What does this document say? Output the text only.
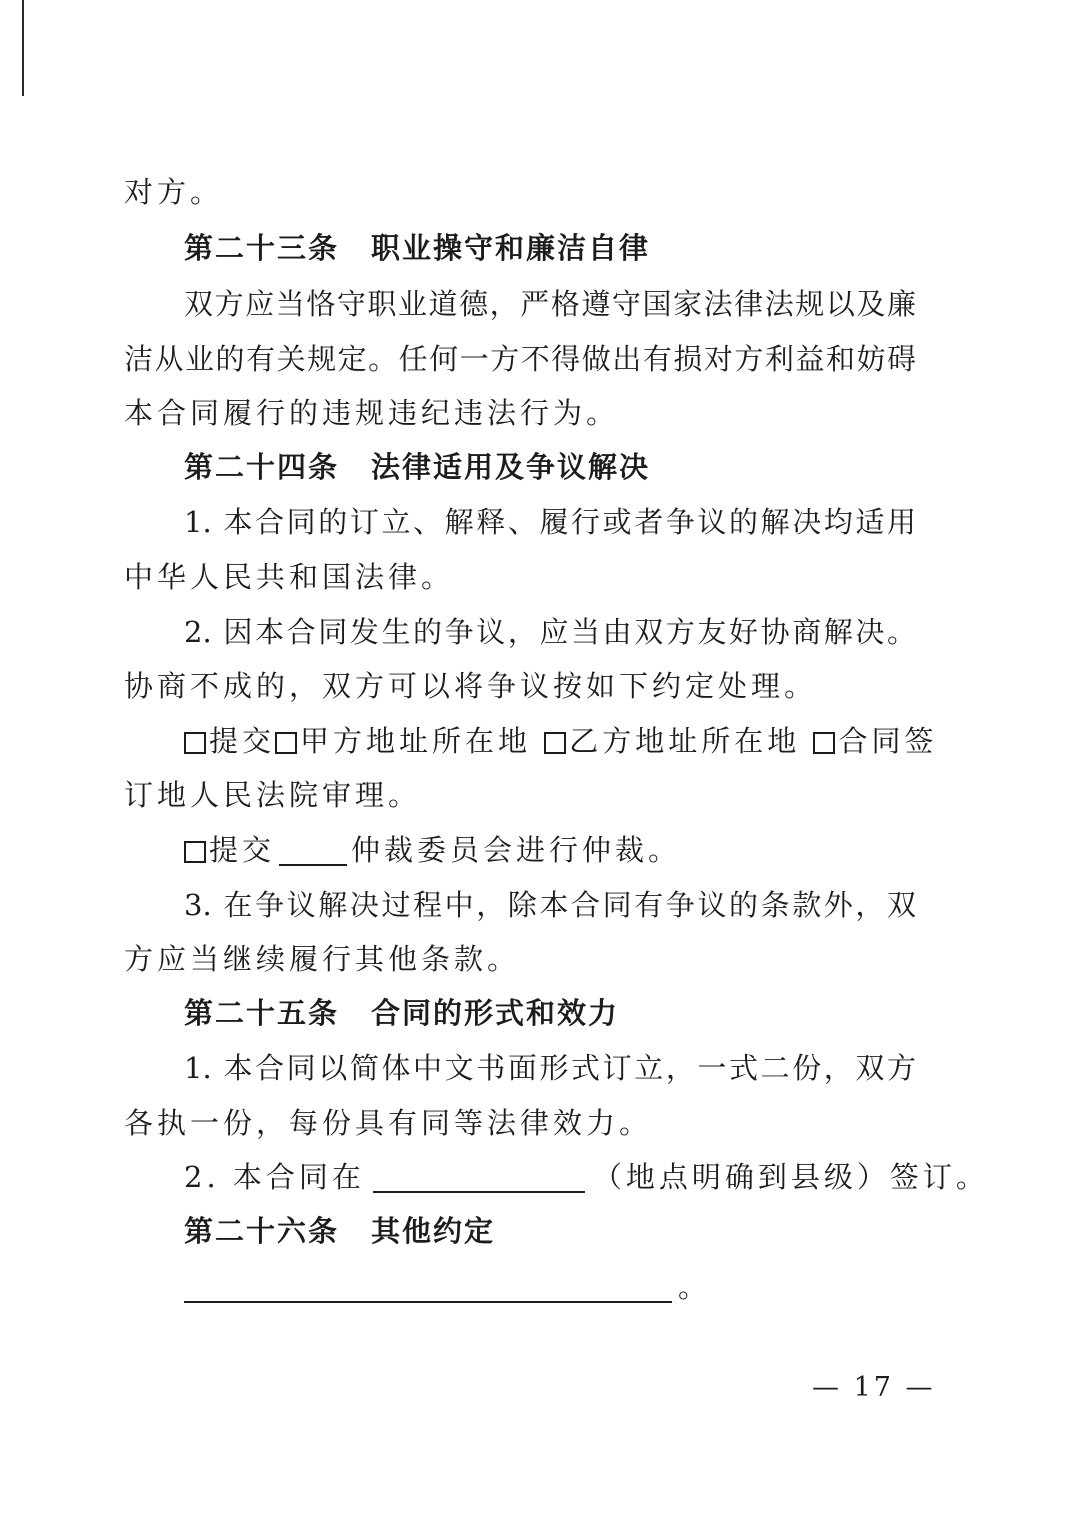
对方。
第二十三条 职业操守和廉洁自律
双方应当恪守职业道德，严格遵守国家法律法规以及廉
洁从业的有关规定。任何一方不得做出有损对方利益和妨碍
本合同履行的违规违纪违法行为。
第二十四条 法律适用及争议解决
1. 本合同的订立、解释、履行或者争议的解决均适用
中华人民共和国法律。
2. 因本合同发生的争议，应当由双方友好协商解决。
协商不成的，双方可以将争议按如下约定处理。
提交 甲方地址所在地 乙方地址所在地 合同签
订地人民法院审理。
提交	仲裁委员会进行仲裁。
3. 在争议解决过程中，除本合同有争议的条款外，双
方应当继续履行其他条款。
第二十五条 合同的形式和效力
1. 本合同以简体中文书面形式订立，一式二份，双方
各执一份，每份具有同等法律效力。
2. 本合同在	（地点明确到县级）签订。
第二十六条 其他约定
。
— 17 —
